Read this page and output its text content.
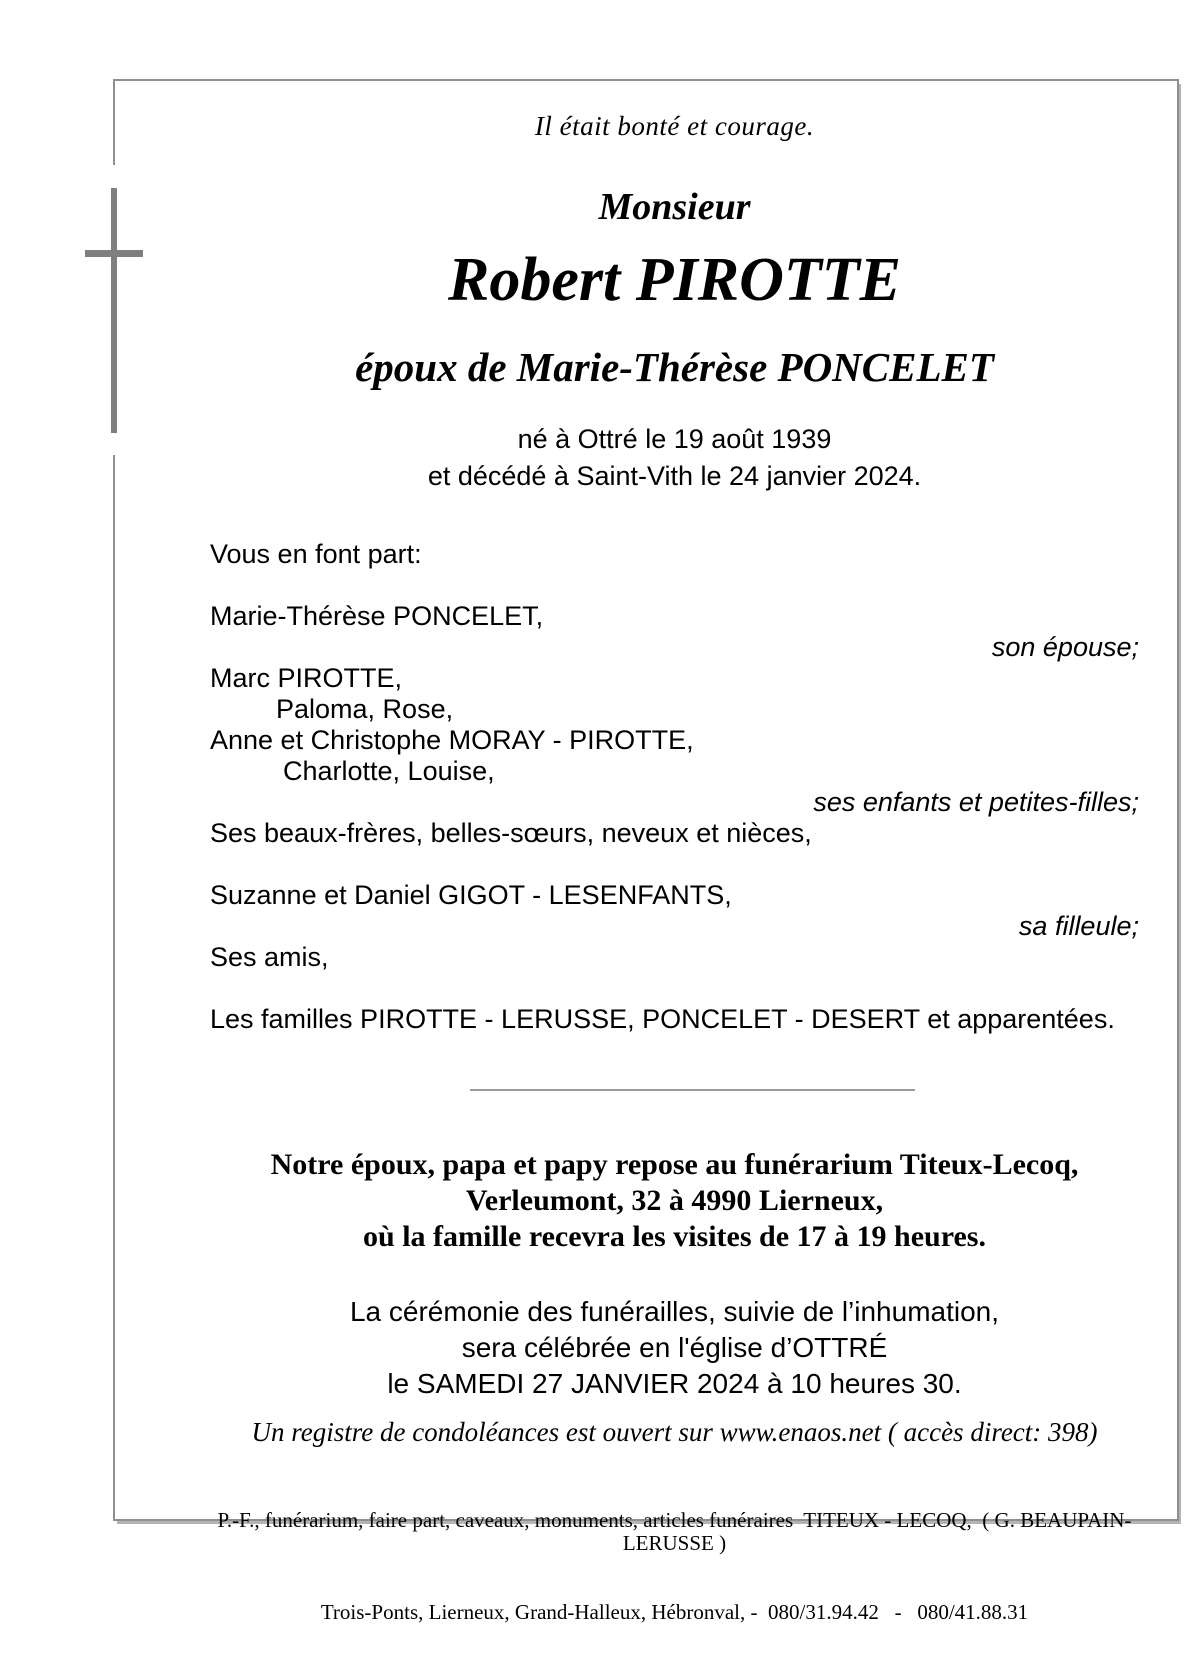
Il était bonté et courage.
Monsieur
Robert PIROTTE
époux de Marie-Thérèse PONCELET
né à Ottré le 19 août 1939
et décédé à Saint-Vith le 24 janvier 2024.
Vous en font part:
Marie-Thérèse PONCELET,
son épouse;
Marc PIROTTE,
Paloma, Rose,
Anne et Christophe MORAY - PIROTTE,
Charlotte, Louise,
ses enfants et petites-filles;
Ses beaux-frères, belles-sœurs, neveux et nièces,
Suzanne et Daniel GIGOT - LESENFANTS,
sa filleule;
Ses amis,
Les familles PIROTTE - LERUSSE, PONCELET - DESERT et apparentées.
Notre époux, papa et papy repose au funérarium Titeux-Lecoq,
Verleumont, 32 à 4990 Lierneux,
où la famille recevra les visites de 17 à 19 heures.
La cérémonie des funérailles, suivie de l’inhumation,
sera célébrée en l'église d’OTTRÉ
le SAMEDI 27 JANVIER 2024 à 10 heures 30.
Un registre de condoléances est ouvert sur www.enaos.net ( accès direct: 398)

P.-F., funérarium, faire part, caveaux, monuments, articles funéraires  TITEUX - LECOQ,  ( G. BEAUPAIN-LERUSSE )

Trois-Ponts, Lierneux, Grand-Halleux, Hébronval, -  080/31.94.42   -   080/41.88.31
